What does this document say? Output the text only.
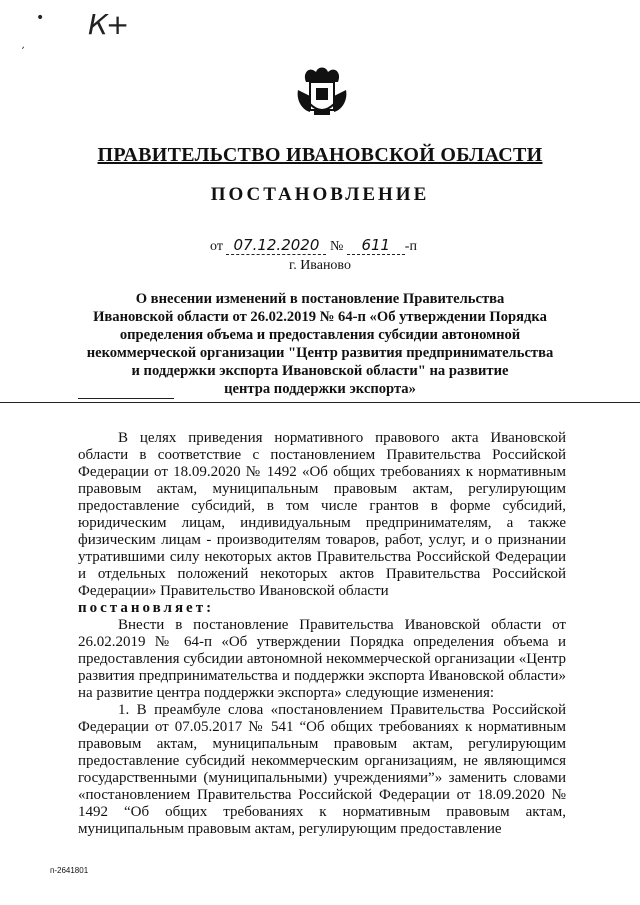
К+
•
,
ПРАВИТЕЛЬСТВО ИВАНОВСКОЙ ОБЛАСТИ
ПОСТАНОВЛЕНИЕ
от 07.12.2020 № 611 -п
г. Иваново
О внесении изменений в постановление Правительства
Ивановской области от 26.02.2019 № 64-п «Об утверждении Порядка
определения объема и предоставления субсидии автономной
некоммерческой организации "Центр развития предпринимательства
и поддержки экспорта Ивановской области" на развитие
центра поддержки экспорта»

В целях приведения нормативного правового акта Ивановской области в соответствие с постановлением Правительства Российской Федерации от 18.09.2020 № 1492 «Об общих требованиях к нормативным правовым актам, муниципальным правовым актам, регулирующим предоставление субсидий, в том числе грантов в форме субсидий, юридическим лицам, индивидуальным предпринимателям, а также физическим лицам - производителям товаров, работ, услуг, и о признании утратившими силу некоторых актов Правительства Российской Федерации и отдельных положений некоторых актов Правительства Российской Федерации» Правительство Ивановской области

постановляет:

Внести в постановление Правительства Ивановской области от 26.02.2019 № 64-п «Об утверждении Порядка определения объема и предоставления субсидии автономной некоммерческой организации «Центр развития предпринимательства и поддержки экспорта Ивановской области» на развитие центра поддержки экспорта» следующие изменения:

1. В преамбуле слова «постановлением Правительства Российской Федерации от 07.05.2017 № 541 “Об общих требованиях к нормативным правовым актам, муниципальным правовым актам, регулирующим предоставление субсидий некоммерческим организациям, не являющимся государственными (муниципальными) учреждениями”» заменить словами «постановлением Правительства Российской Федерации от 18.09.2020 № 1492 “Об общих требованиях к нормативным правовым актам, муниципальным правовым актам, регулирующим предоставление

п-2641801
